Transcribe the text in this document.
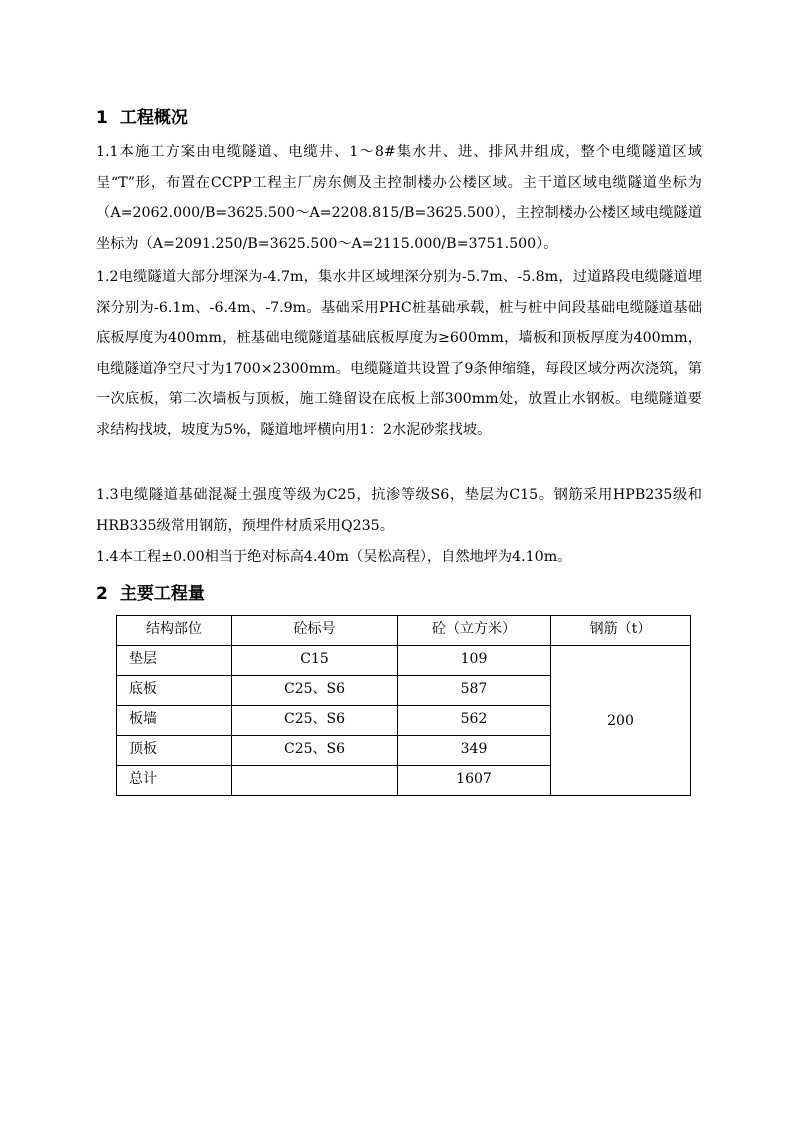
1 工程概况
1.1本施工方案由电缆隧道、电缆井、1～8#集水井、进、排风井组成，整个电缆隧道区域呈“T”形，布置在CCPP工程主厂房东侧及主控制楼办公楼区域。主干道区域电缆隧道坐标为（A=2062.000/B=3625.500～A=2208.815/B=3625.500），主控制楼办公楼区域电缆隧道坐标为（A=2091.250/B=3625.500～A=2115.000/B=3751.500）。
1.2电缆隧道大部分埋深为-4.7m，集水井区域埋深分别为-5.7m、-5.8m，过道路段电缆隧道埋深分别为-6.1m、-6.4m、-7.9m。基础采用PHC桩基础承载，桩与桩中间段基础电缆隧道基础底板厚度为400mm，桩基础电缆隧道基础底板厚度为≥600mm，墙板和顶板厚度为400mm，电缆隧道净空尺寸为1700×2300mm。电缆隧道共设置了9条伸缩缝，每段区域分两次浇筑，第一次底板，第二次墙板与顶板，施工缝留设在底板上部300mm处，放置止水钢板。电缆隧道要求结构找坡，坡度为5%，隧道地坪横向用1：2水泥砂浆找坡。
1.3电缆隧道基础混凝土强度等级为C25，抗渗等级S6，垫层为C15。钢筋采用HPB235级和HRB335级常用钢筋，预埋件材质采用Q235。
1.4本工程±0.00相当于绝对标高4.40m（吴松高程），自然地坪为4.10m。
2 主要工程量
结构部位	砼标号	砼（立方米）	钢筋（t）
垫层	C15	109	200
底板	C25、S6	587	
板墙	C25、S6	562	
顶板	C25、S6	349	
总计		1607	
